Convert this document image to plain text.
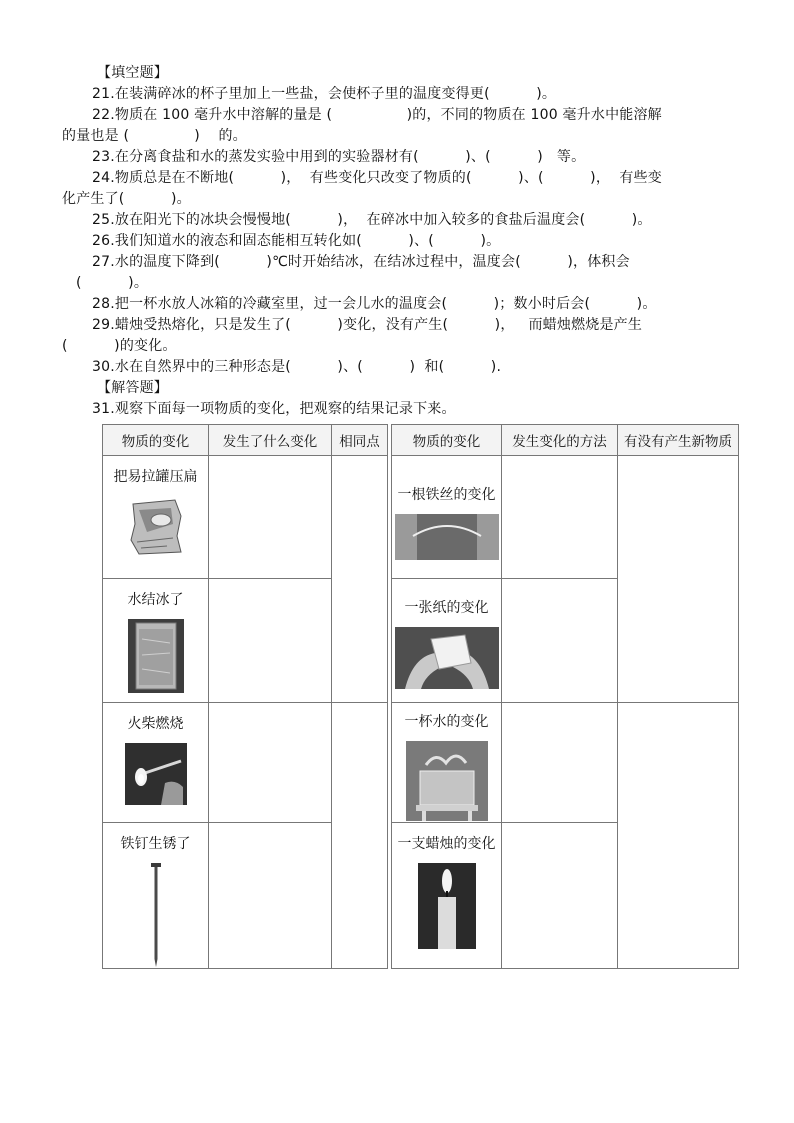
【填空题】
21.在装满碎冰的杯子里加上一些盐，会使杯子里的温度变得更(          )。
22.物质在 100 毫升水中溶解的量是 (                )的，不同的物质在 100 毫升水中能溶解
的量也是 (              )    的。
23.在分离食盐和水的蒸发实验中用到的实验器材有(          )、(          )   等。
24.物质总是在不断地(          )，  有些变化只改变了物质的(          )、(          )，  有些变
化产生了(          )。
25.放在阳光下的冰块会慢慢地(          )，  在碎冰中加入较多的食盐后温度会(          )。
26.我们知道水的液态和固态能相互转化如(          )、(          )。
27.水的温度下降到(          )℃时开始结冰，在结冰过程中，温度会(          )，体积会
(          )。
28.把一杯水放人冰箱的冷藏室里，过一会儿水的温度会(          )；数小时后会(          )。
29.蜡烛受热熔化，只是发生了(          )变化，没有产生(          )，   而蜡烛燃烧是产生
(          )的变化。
30.水在自然界中的三种形态是(          )、(          )  和(          ).
【解答题】
31.观察下面每一项物质的变化，把观察的结果记录下来。
物质的变化	发生了什么变化	相同点		物质的变化	发生变化的方法	有没有产生新物质

把易拉罐压扁				一根铁丝的变化		

水结冰了				一张纸的变化		

火柴燃烧				一杯水的变化		

铁钉生锈了				一支蜡烛的变化		
